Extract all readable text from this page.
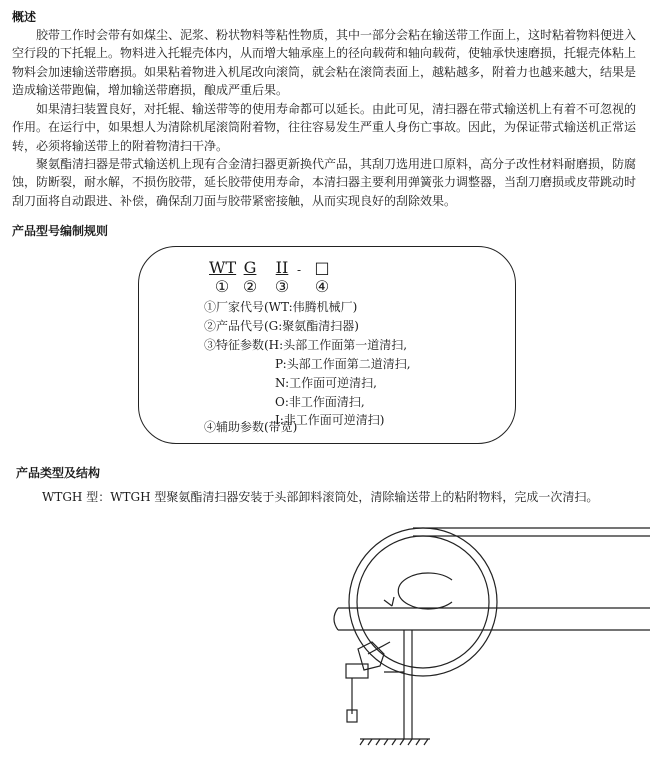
概述

胶带工作时会带有如煤尘、泥浆、粉状物料等粘性物质，其中一部分会粘在输送带工作面上，这时粘着物料便进入空行段的下托辊上。物料进入托辊壳体内，从而增大轴承座上的径向载荷和轴向载荷，使轴承快速磨损，托辊壳体粘上物料会加速输送带磨损。如果粘着物进入机尾改向滚筒，就会粘在滚筒表面上，越粘越多，附着力也越来越大，结果是造成输送带跑偏，增加输送带磨损，酿成严重后果。

如果清扫装置良好，对托辊、输送带等的使用寿命都可以延长。由此可见，清扫器在带式输送机上有着不可忽视的作用。在运行中，如果想人为清除机尾滚筒附着物，往往容易发生严重人身伤亡事故。因此，为保证带式输送机正常运转，必须将输送带上的附着物清扫干净。

聚氨酯清扫器是带式输送机上现有合金清扫器更新换代产品，其刮刀选用进口原料，高分子改性材料耐磨损，防腐蚀，防断裂，耐水解，不损伤胶带，延长胶带使用寿命，本清扫器主要利用弹簧张力调整器，当刮刀磨损或皮带跳动时刮刀面将自动跟进、补偿，确保刮刀面与胶带紧密接触，从而实现良好的刮除效果。

产品型号编制规则
WT
①
G
②
II
③
- □
④

①厂家代号(WT:伟腾机械厂)

②产品代号(G:聚氨酯清扫器)

③特征参数(H:头部工作面第一道清扫,

P:头部工作面第二道清扫,

N:工作面可逆清扫,

O:非工作面清扫,

I:非工作面可逆清扫)

④辅助参数(带宽)

产品类型及结构

WTGH 型：WTGH 型聚氨酯清扫器安装于头部卸料滚筒处，清除输送带上的粘附物料，完成一次清扫。
